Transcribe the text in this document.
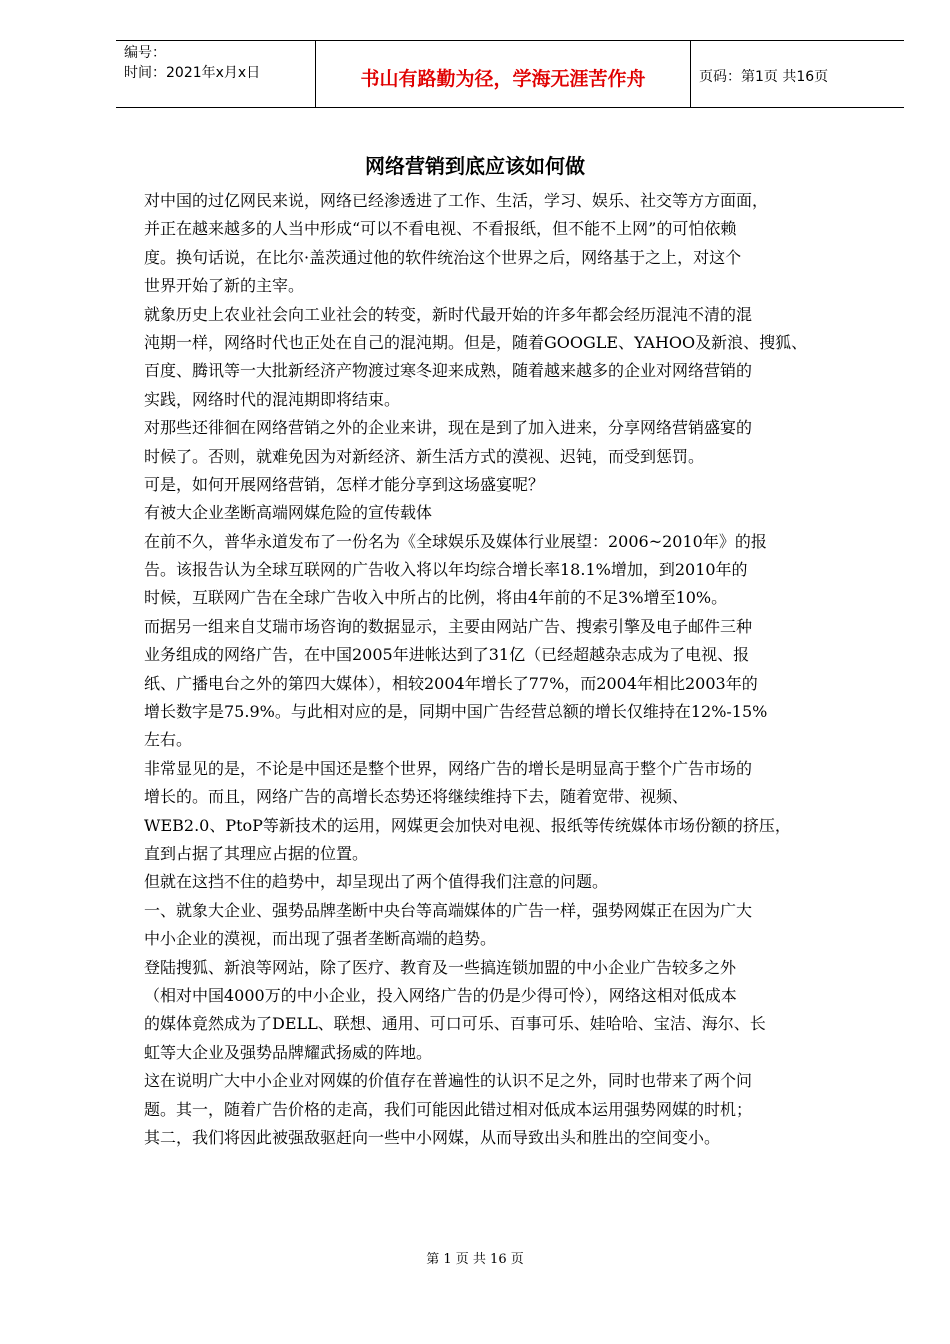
编号：
时间：2021年x月x日	书山有路勤为径，学海无涯苦作舟	页码：第1页 共16页
网络营销到底应该如何做
对中国的过亿网民来说，网络已经渗透进了工作、生活，学习、娱乐、社交等方方面面，
并正在越来越多的人当中形成“可以不看电视、不看报纸，但不能不上网”的可怕依赖
度。换句话说，在比尔·盖茨通过他的软件统治这个世界之后，网络基于之上，对这个
世界开始了新的主宰。
就象历史上农业社会向工业社会的转变，新时代最开始的许多年都会经历混沌不清的混
沌期一样，网络时代也正处在自己的混沌期。但是，随着GOOGLE、YAHOO及新浪、搜狐、
百度、腾讯等一大批新经济产物渡过寒冬迎来成熟，随着越来越多的企业对网络营销的
实践，网络时代的混沌期即将结束。
对那些还徘徊在网络营销之外的企业来讲，现在是到了加入进来，分享网络营销盛宴的
时候了。否则，就难免因为对新经济、新生活方式的漠视、迟钝，而受到惩罚。
可是，如何开展网络营销，怎样才能分享到这场盛宴呢？
有被大企业垄断高端网媒危险的宣传载体
在前不久，普华永道发布了一份名为《全球娱乐及媒体行业展望：2006~2010年》的报
告。该报告认为全球互联网的广告收入将以年均综合增长率18.1%增加，到2010年的
时候，互联网广告在全球广告收入中所占的比例，将由4年前的不足3%增至10%。
而据另一组来自艾瑞市场咨询的数据显示，主要由网站广告、搜索引擎及电子邮件三种
业务组成的网络广告，在中国2005年进帐达到了31亿（已经超越杂志成为了电视、报
纸、广播电台之外的第四大媒体），相较2004年增长了77%，而2004年相比2003年的
增长数字是75.9%。与此相对应的是，同期中国广告经营总额的增长仅维持在12%-15%
左右。
非常显见的是，不论是中国还是整个世界，网络广告的增长是明显高于整个广告市场的
增长的。而且，网络广告的高增长态势还将继续维持下去，随着宽带、视频、
WEB2.0、PtoP等新技术的运用，网媒更会加快对电视、报纸等传统媒体市场份额的挤压，
直到占据了其理应占据的位置。
但就在这挡不住的趋势中，却呈现出了两个值得我们注意的问题。
一、就象大企业、强势品牌垄断中央台等高端媒体的广告一样，强势网媒正在因为广大
中小企业的漠视，而出现了强者垄断高端的趋势。
登陆搜狐、新浪等网站，除了医疗、教育及一些搞连锁加盟的中小企业广告较多之外
（相对中国4000万的中小企业，投入网络广告的仍是少得可怜），网络这相对低成本
的媒体竟然成为了DELL、联想、通用、可口可乐、百事可乐、娃哈哈、宝洁、海尔、长
虹等大企业及强势品牌耀武扬威的阵地。
这在说明广大中小企业对网媒的价值存在普遍性的认识不足之外，同时也带来了两个问
题。其一，随着广告价格的走高，我们可能因此错过相对低成本运用强势网媒的时机；
其二，我们将因此被强敌驱赶向一些中小网媒，从而导致出头和胜出的空间变小。
第 1 页 共 16 页
